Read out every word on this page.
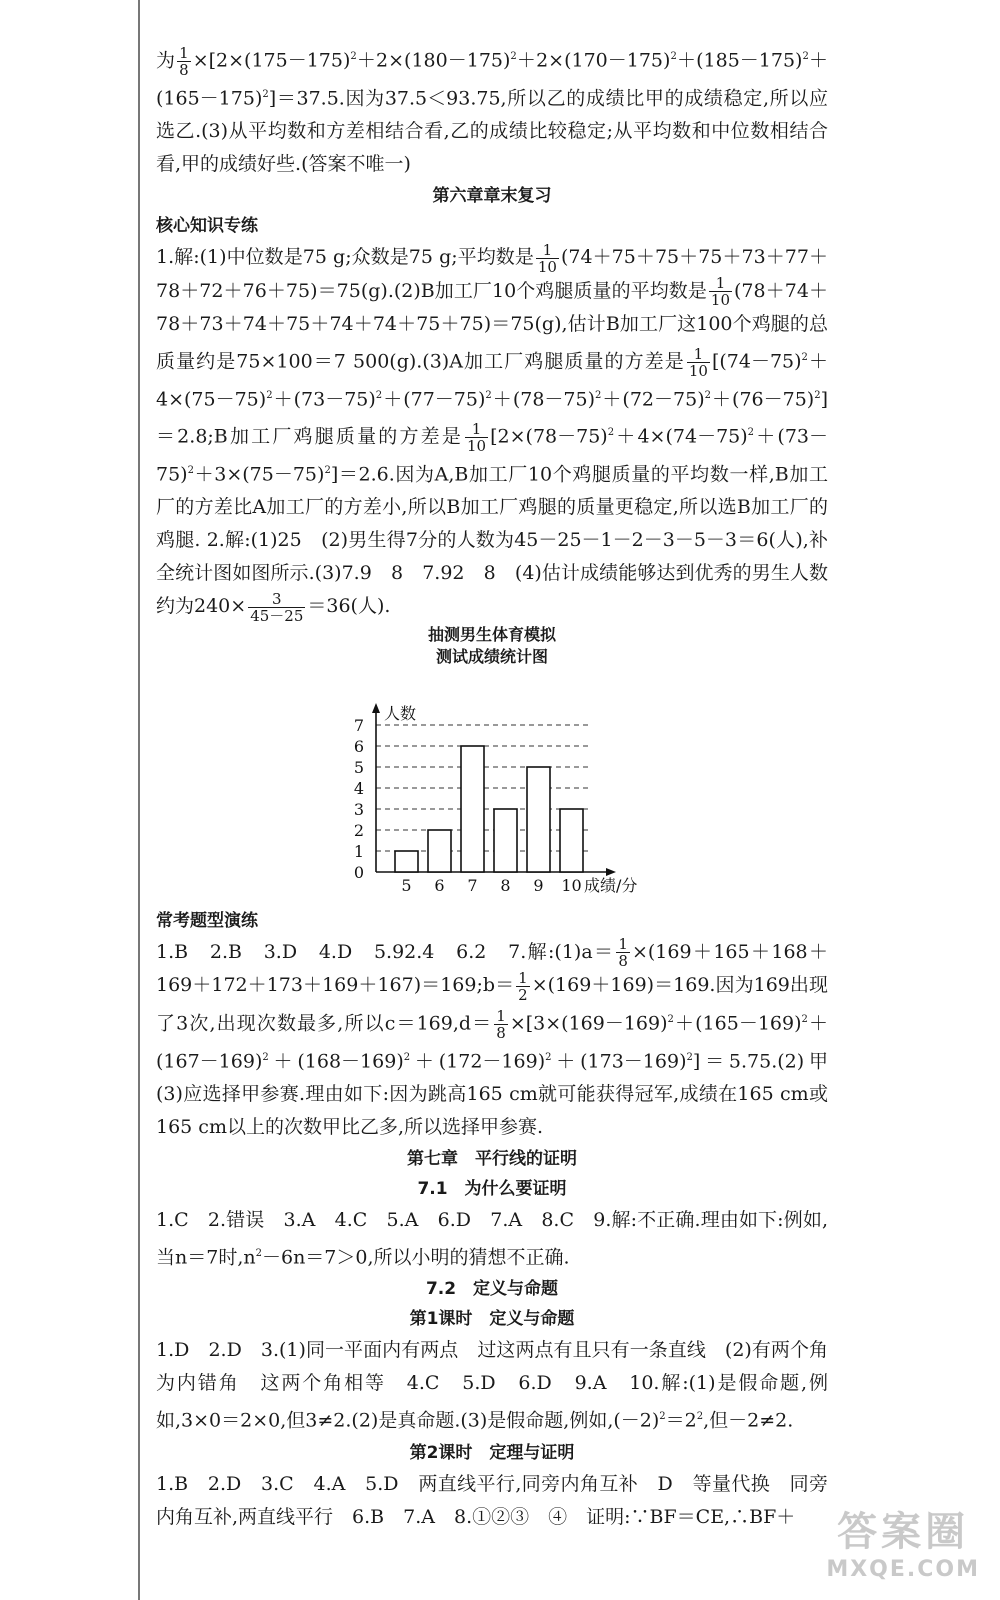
为 $\frac{1}{8} \times[2\times(175-175)^2+2\times(180-175)^2+2\times(170-175)^2+(185-175)^2+(165-175)^2]=37.5$.因为37.5＜93.75,所以乙的成绩比甲的成绩稳定,所以应选乙.(3)从平均数和方差相结合看,乙的成绩比较稳定;从平均数和中位数相结合看,甲的成绩好些.(答案不唯一)

第六章章末复习
核心知识专练

1.解:(1)中位数是75 g;众数是75 g;平均数是 $\frac{1}{10} (74+75+75+75+73+77+78+72+76+75)=75(g).(2)B$加工厂10个鸡腿质量的平均数是 $\frac{1}{10} (78+74+78+73+74+75+74+74+75+75)=75(g)$,估计B加工厂这100个鸡腿的总质量约是75×100＝7 500(g).(3)A加工厂鸡腿质量的方差是 $\frac{1}{10}$ $[(74-75)^2+4\times(75-75)^2+(73-75)^2+(77-75)^2+(78-75)^2+(72-75)^2+(76-75)^2]=2.8;B$加工厂鸡腿质量的方差是 $\frac{1}{10} [2\times(78-75)^2+4\times(74-75)^2+(73-75)^2+3\times(75-75)^2]=2.6$.因为A,B加工厂10个鸡腿质量的平均数一样,B加工厂的方差比A加工厂的方差小,所以B加工厂鸡腿的质量更稳定,所以选B加工厂的鸡腿. 2.解:(1)25　(2)男生得7分的人数为45－25－1－2－3－5－3＝6(人),补全统计图如图所示.(3)7.9　8　7.92　8　(4)估计成绩能够达到优秀的男生人数约为$240\times \frac{3}{45-25} =36$(人).

抽测男生体育模拟
测试成绩统计图
0
1
2
3
4
5
6
7
人数
5 6 7 8 9 10 成绩/分
常考题型演练

1.B　2.B　3.D　4.D　5.92.4　6.2　7.解:(1)a＝ $\frac{1}{8}$ ×(169＋165＋168＋169＋172＋173＋169＋167)＝169;b＝ $\frac{1}{2} \times(169+169)=169$.因为169出现了3次,出现次数最多,所以$c=169,d= \frac{1}{8} \times[3\times(169-169)^2+(165-169)^2+(167-169)^2+(168-169)^2+(172-169)^2+(173-169)^2]=5.75.(2)$甲　(3)应选择甲参赛.理由如下:因为跳高165 cm就可能获得冠军,成绩在165 cm或165 cm以上的次数甲比乙多,所以选择甲参赛.

第七章　平行线的证明
7.1　为什么要证明

1.C　2.错误　3.A　4.C　5.A　6.D　7.A　8.C　9.解:不正确.理由如下:例如,当n＝7时$,n^2-6n=7>0$,所以小明的猜想不正确.

7.2　定义与命题
第1课时　定义与命题

1.D　2.D　3.(1)同一平面内有两点　过这两点有且只有一条直线　(2)有两个角为内错角　这两个角相等　4.C　5.D　6.D　9.A　10.解:(1)是假命题,例如,3×0＝2×0,但3≠2.(2)是真命题.(3)是假命题,例如$,(-2)^2=2^2$,但－2≠2.

第2课时　定理与证明

1.B　2.D　3.C　4.A　5.D　两直线平行,同旁内角互补　D　等量代换　同旁内角互补,两直线平行　6.B　7.A　8.①②③　④　证明:∵BF＝CE,∴BF＋	答案圈
MXQE.COM
